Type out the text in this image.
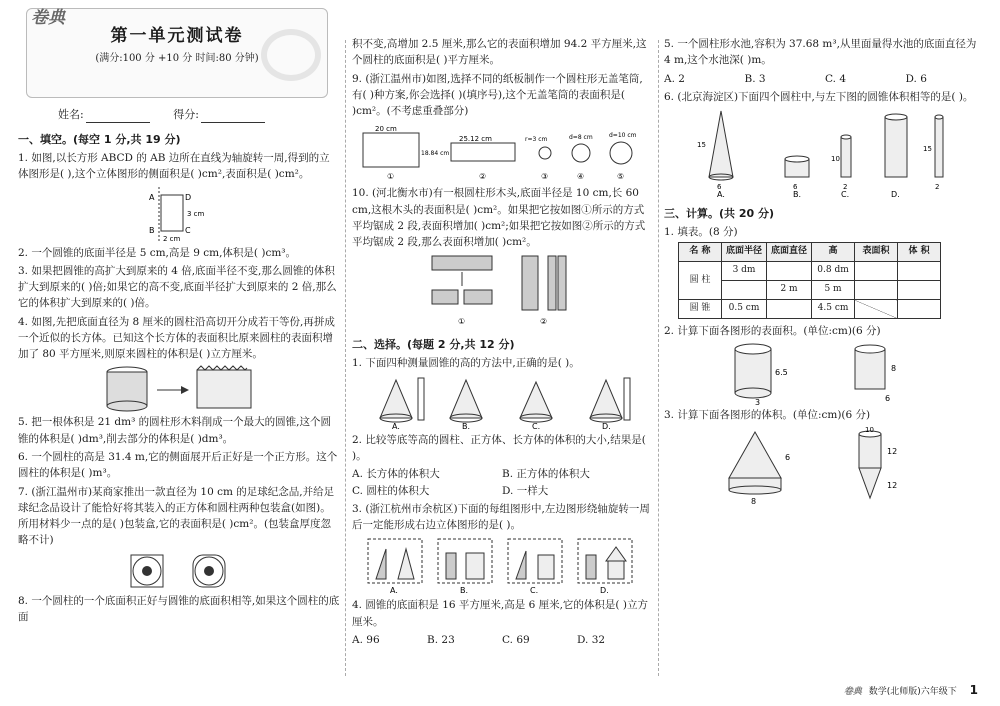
卷典
第一单元测试卷
(满分:100 分 +10 分 时间:80 分钟)
姓名:	得分:
一、填空。(每空 1 分,共 19 分)
1. 如图,以长方形 ABCD 的 AB 边所在直线为轴旋转一周,得到的立体图形是( ),这个立体图形的侧面积是( )cm²,表面积是( )cm²。
A
B	C
D
3 cm
2 cm
2. 一个圆锥的底面半径是 5 cm,高是 9 cm,体积是( )cm³。
3. 如果把圆锥的高扩大到原来的 4 倍,底面半径不变,那么圆锥的体积扩大到原来的( )倍;如果它的高不变,底面半径扩大到原来的 2 倍,那么它的体积扩大到原来的( )倍。
4. 如图,先把底面直径为 8 厘米的圆柱沿高切开分成若干等份,再拼成一个近似的长方体。已知这个长方体的表面积比原来圆柱的表面积增加了 80 平方厘米,则原来圆柱的体积是( )立方厘米。
5. 把一根体积是 21 dm³ 的圆柱形木料削成一个最大的圆锥,这个圆锥的体积是( )dm³,削去部分的体积是( )dm³。
6. 一个圆柱的高是 31.4 m,它的侧面展开后正好是一个正方形。这个圆柱的体积是( )m³。
7. (浙江温州市)某商家推出一款直径为 10 cm 的足球纪念品,并给足球纪念品设计了能恰好将其装入的正方体和圆柱两种包装盒(如图)。所用材料少一点的是( )包装盒,它的表面积是( )cm²。(包装盒厚度忽略不计)
8. 一个圆柱的一个底面积正好与圆锥的底面积相等,如果这个圆柱的底面
积不变,高增加 2.5 厘米,那么它的表面积增加 94.2 平方厘米,这个圆柱的底面积是( )平方厘米。
9. (浙江温州市)如图,选择不同的纸板制作一个圆柱形无盖笔筒,有( )种方案,你会选择( )(填序号),这个无盖笔筒的表面积是( )cm²。(不考虑重叠部分)
20 cm
18.84 cm
25.12 cm	r=3 cm	d=8 cm	d=10 cm
①	②	③	④	⑤
10. (河北衡水市)有一根圆柱形木头,底面半径是 10 cm,长 60 cm,这根木头的表面积是( )cm²。如果把它按如图①所示的方式平均锯成 2 段,表面积增加( )cm²;如果把它按如图②所示的方式平均锯成 2 段,那么表面积增加( )cm²。
①	②
二、选择。(每题 2 分,共 12 分)
1. 下面四种测量圆锥的高的方法中,正确的是( )。
A.	B.	C.	D.
2. 比较等底等高的圆柱、正方体、长方体的体积的大小,结果是( )。
A. 长方体的体积大	B. 正方体的体积大
C. 圆柱的体积大	D. 一样大
3. (浙江杭州市余杭区)下面的每组图形中,左边图形绕轴旋转一周后一定能形成右边立体图形的是( )。
A.	B.	C.	D.
4. 圆锥的底面积是 16 平方厘米,高是 6 厘米,它的体积是( )立方厘米。
A. 96	B. 23	C. 69	D. 32
5. 一个圆柱形水池,容积为 37.68 m³,从里面量得水池的底面直径为 4 m,这个水池深( )m。
A. 2	B. 3	C. 4	D. 6
6. (北京海淀区)下面四个圆柱中,与左下图的圆锥体积相等的是( )。
15
6	6
10
2
15
2
A.	B.	C.	D.
三、计算。(共 20 分)
1. 填表。(8 分)
名 称	底面半径	底面直径	高	表面积	体 积
圆 柱	3 dm		0.8 dm		
		2 m	5 m		
圆 锥	0.5 cm		4.5 cm		
2. 计算下面各图形的表面积。(单位:cm)(6 分)
6.5
3
8
6
3. 计算下面各图形的体积。(单位:cm)(6 分)
6
8
10
12
12
卷典 数学(北师版)六年级下 1
